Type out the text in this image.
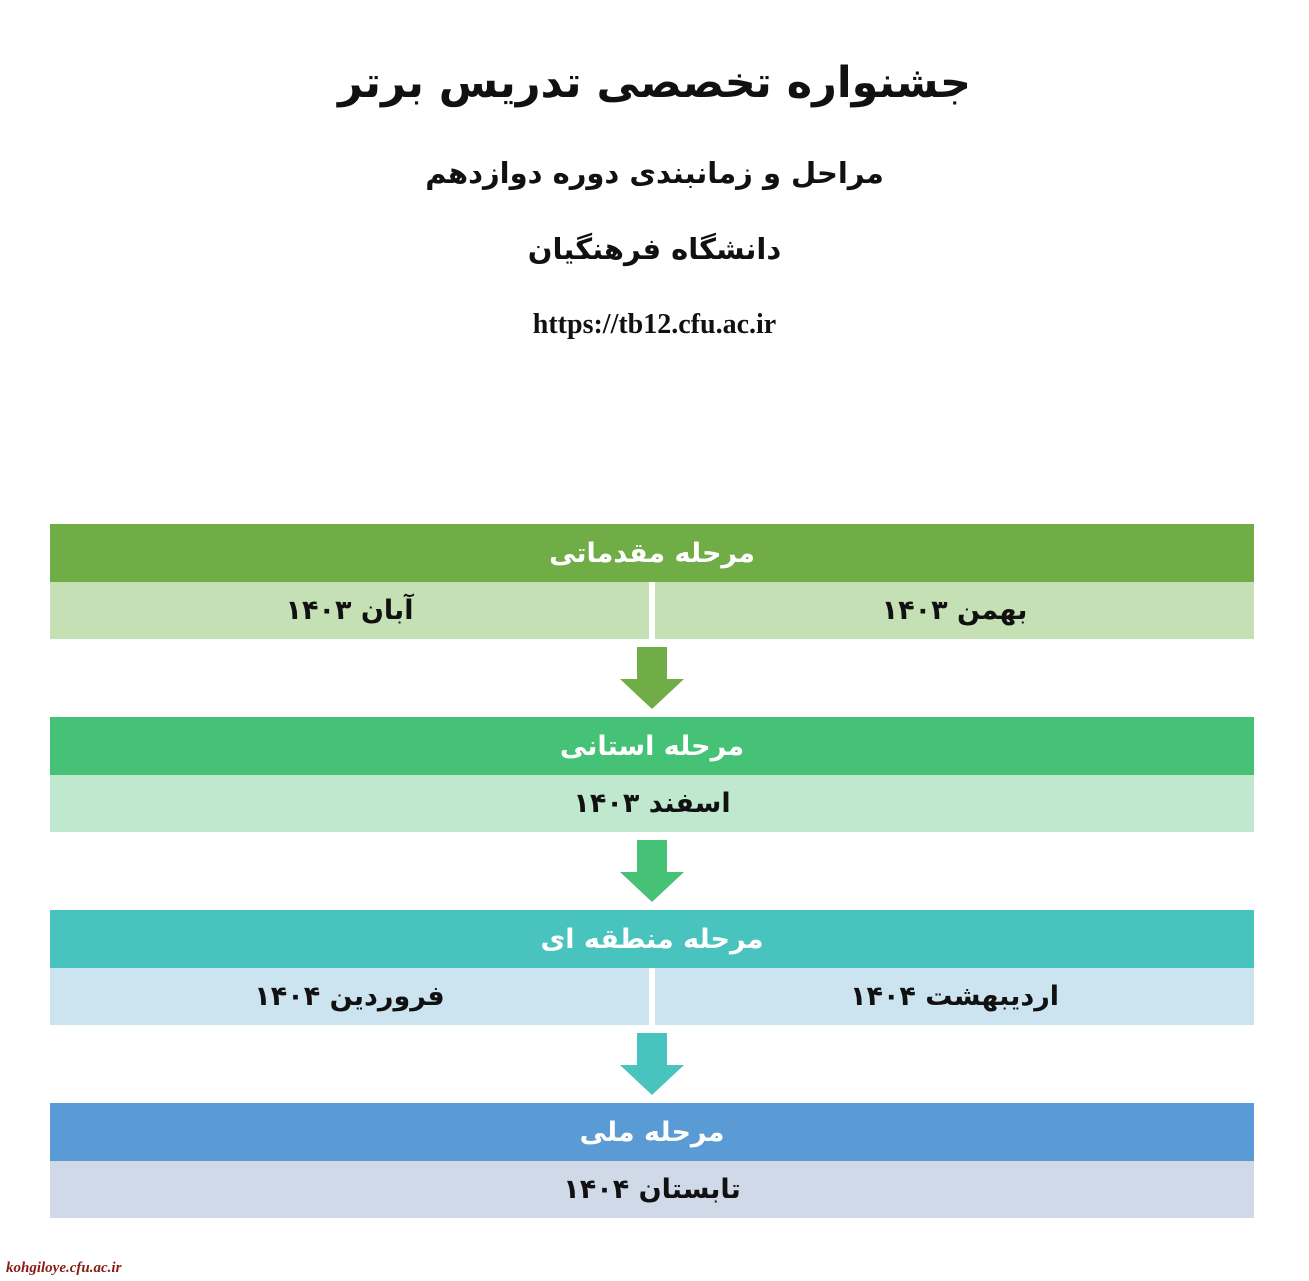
جشنواره تخصصی تدریس برتر
مراحل و زمانبندی دوره دوازدهم
دانشگاه فرهنگیان
https://tb12.cfu.ac.ir
مرحله مقدماتی
بهمن ۱۴۰۳
آبان ۱۴۰۳
مرحله استانی
اسفند ۱۴۰۳
مرحله منطقه ای
اردیبهشت ۱۴۰۴
فروردین ۱۴۰۴
مرحله ملی
تابستان ۱۴۰۴
kohgiloye.cfu.ac.ir
